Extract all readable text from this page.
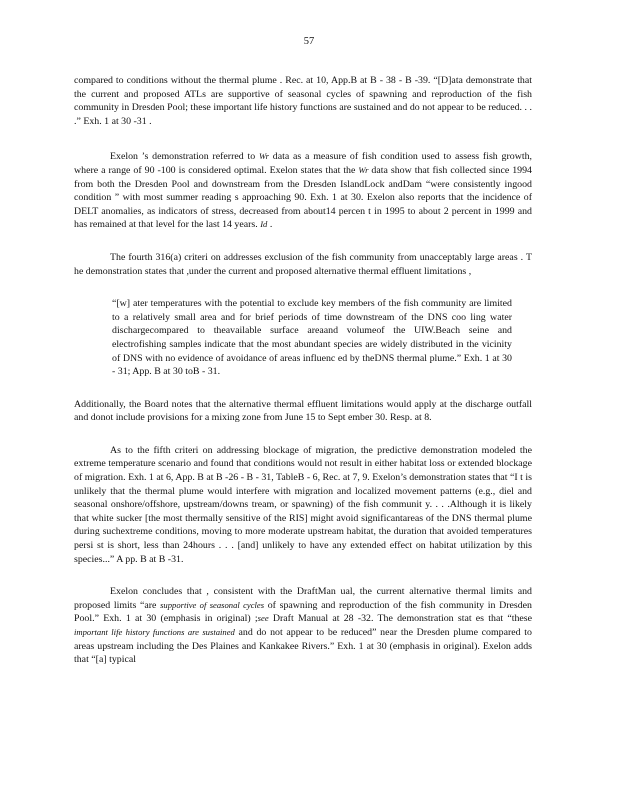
57

compared to conditions without the thermal plume . Rec. at 10, App.B at B - 38 - B -39. “[D]ata demonstrate that the current and proposed ATLs are supportive of seasonal cycles of spawning and reproduction of the fish community in Dresden Pool; these important life history functions are sustained and do not appear to be reduced. . . .” Exh. 1 at 30 -31 .

Exelon ’s demonstration referred to Wr data as a measure of fish condition used to assess fish growth, where a range of 90 -100 is considered optimal. Exelon states that the Wr data show that fish collected since 1994 from both the Dresden Pool and downstream from the Dresden IslandLock andDam “were consistently ingood condition ” with most summer reading s approaching 90. Exh. 1 at 30. Exelon also reports that the incidence of DELT anomalies, as indicators of stress, decreased from about14 percen t in 1995 to about 2 percent in 1999 and has remained at that level for the last 14 years. Id .

The fourth 316(a) criteri on addresses exclusion of the fish community from unacceptably large areas . T he demonstration states that ,under the current and proposed alternative thermal effluent limitations ,

“[w] ater temperatures with the potential to exclude key members of the fish community are limited to a relatively small area and for brief periods of time downstream of the DNS coo ling water dischargecompared to theavailable surface areaand volumeof the UIW.Beach seine and electrofishing samples indicate that the most abundant species are widely distributed in the vicinity of DNS with no evidence of avoidance of areas influenc ed by theDNS thermal plume.” Exh. 1 at 30 - 31; App. B at 30 toB - 31.

Additionally, the Board notes that the alternative thermal effluent limitations would apply at the discharge outfall and donot include provisions for a mixing zone from June 15 to Sept ember 30. Resp. at 8.

As to the fifth criteri on addressing blockage of migration, the predictive demonstration modeled the extreme temperature scenario and found that conditions would not result in either habitat loss or extended blockage of migration. Exh. 1 at 6, App. B at B -26 - B - 31, TableB - 6, Rec. at 7, 9. Exelon’s demonstration states that “I t is unlikely that the thermal plume would interfere with migration and localized movement patterns (e.g., diel and seasonal onshore/offshore, upstream/downs tream, or spawning) of the fish communit y. . . .Although it is likely that white sucker [the most thermally sensitive of the RIS] might avoid significantareas of the DNS thermal plume during suchextreme conditions, moving to more moderate upstream habitat, the duration that avoided temperatures persi st is short, less than 24hours . . . [and] unlikely to have any extended effect on habitat utilization by this species...” A pp. B at B -31.

Exelon concludes that , consistent with the DraftMan ual, the current alternative thermal limits and proposed limits “are supportive of seasonal cycles of spawning and reproduction of the fish community in Dresden Pool.” Exh. 1 at 30 (emphasis in original) ;see Draft Manual at 28 -32. The demonstration stat es that “these important life history functions are sustained and do not appear to be reduced” near the Dresden plume compared to areas upstream including the Des Plaines and Kankakee Rivers.” Exh. 1 at 30 (emphasis in original). Exelon adds that “[a] typical
